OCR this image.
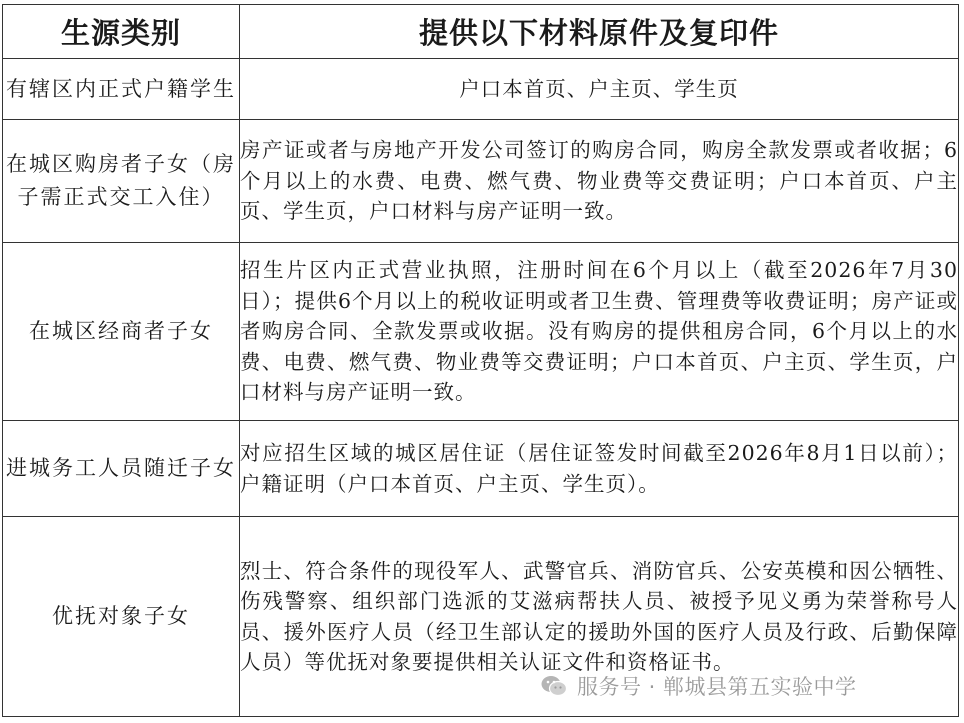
生源类别	提供以下材料原件及复印件
有辖区内正式户籍学生	户口本首页、户主页、学生页
在城区购房者子女（房子需正式交工入住）	房产证或者与房地产开发公司签订的购房合同，购房全款发票或者收据；6个月以上的水费、电费、燃气费、物业费等交费证明；户口本首页、户主页、学生页，户口材料与房产证明一致。
在城区经商者子女	招生片区内正式营业执照，注册时间在6个月以上（截至2026年7月30日）；提供6个月以上的税收证明或者卫生费、管理费等收费证明；房产证或者购房合同、全款发票或收据。没有购房的提供租房合同，6个月以上的水费、电费、燃气费、物业费等交费证明；户口本首页、户主页、学生页，户口材料与房产证明一致。
进城务工人员随迁子女	对应招生区域的城区居住证（居住证签发时间截至2026年8月1日以前）；户籍证明（户口本首页、户主页、学生页）。
优抚对象子女	烈士、符合条件的现役军人、武警官兵、消防官兵、公安英模和因公牺牲、伤残警察、组织部门选派的艾滋病帮扶人员、被授予见义勇为荣誉称号人员、援外医疗人员（经卫生部认定的援助外国的医疗人员及行政、后勤保障人员）等优抚对象要提供相关认证文件和资格证书。
服务号 · 郸城县第五实验中学
